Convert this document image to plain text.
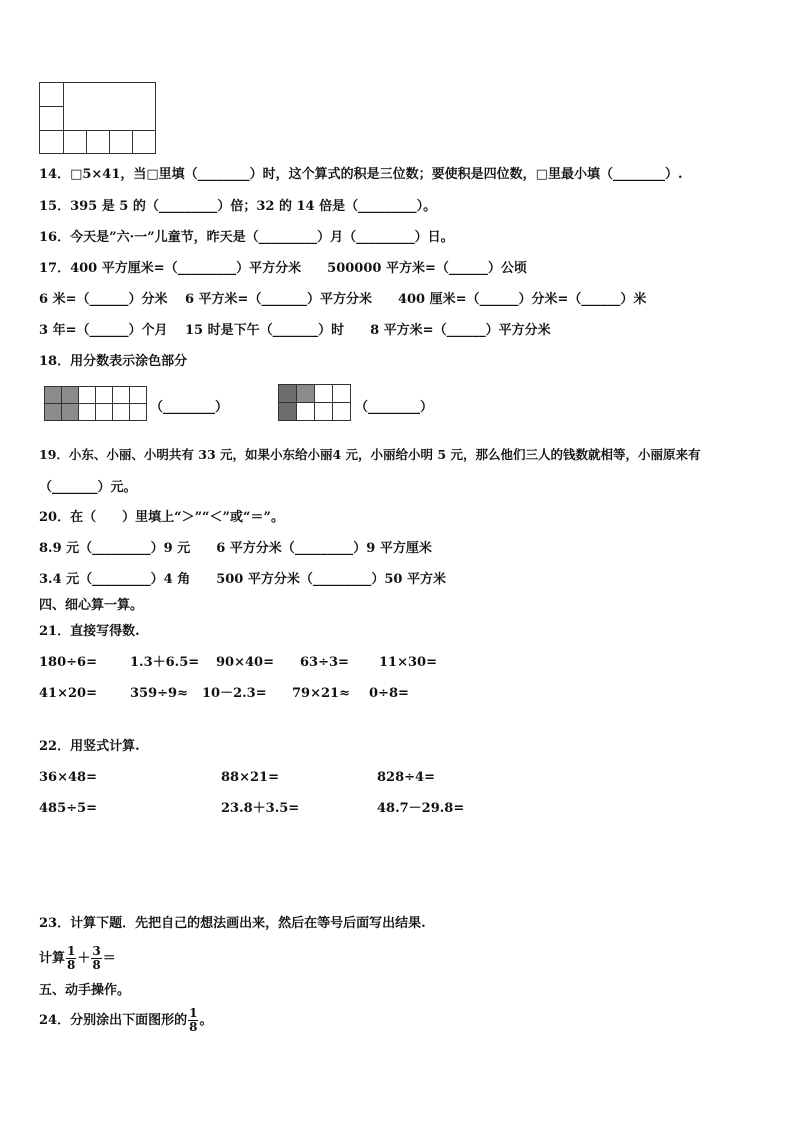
14．□5×41，当□里填（________）时，这个算式的积是三位数；要使积是四位数，□里最小填（________）.
15．395 是 5 的（_________）倍；32 的 14 倍是（_________）。
16．今天是”六·一”儿童节，昨天是（_________）月（_________）日。
17．400 平方厘米=（_________）平方分米　　500000 平方米=（______）公顷
6 米=（______）分米　 6 平方米=（_______）平方分米　　400 厘米=（______）分米=（______）米
3 年=（______）个月　 15 时是下午（_______）时　　8 平方米=（______）平方分米
18．用分数表示涂色部分
（________）	（________）
19．小东、小丽、小明共有 33 元，如果小东给小丽4 元，小丽给小明 5 元，那么他们三人的钱数就相等，小丽原来有
（_______）元。
20．在（　　）里填上“＞”“＜”或“＝”。
8.9 元（_________）9 元　　6 平方分米（_________）9 平方厘米
3.4 元（_________）4 角　　500 平方分米（_________）50 平方米
四、细心算一算。
21．直接写得数.
180÷6=	1.3＋6.5= 90×40= 63÷3= 11×30=
41×20=	359÷9≈ 10－2.3= 79×21≈ 0÷8=
22．用竖式计算.
36×48=	88×21=	828÷4=
485÷5=	23.8＋3.5=	48.7－29.8=
23．计算下题．先把自己的想法画出来，然后在等号后面写出结果.
计算 $\frac{1}{8} + \frac{3}{8}$ ＝
五、动手操作。
24．分别涂出下面图形的 $\frac{1}{8}$ 。
